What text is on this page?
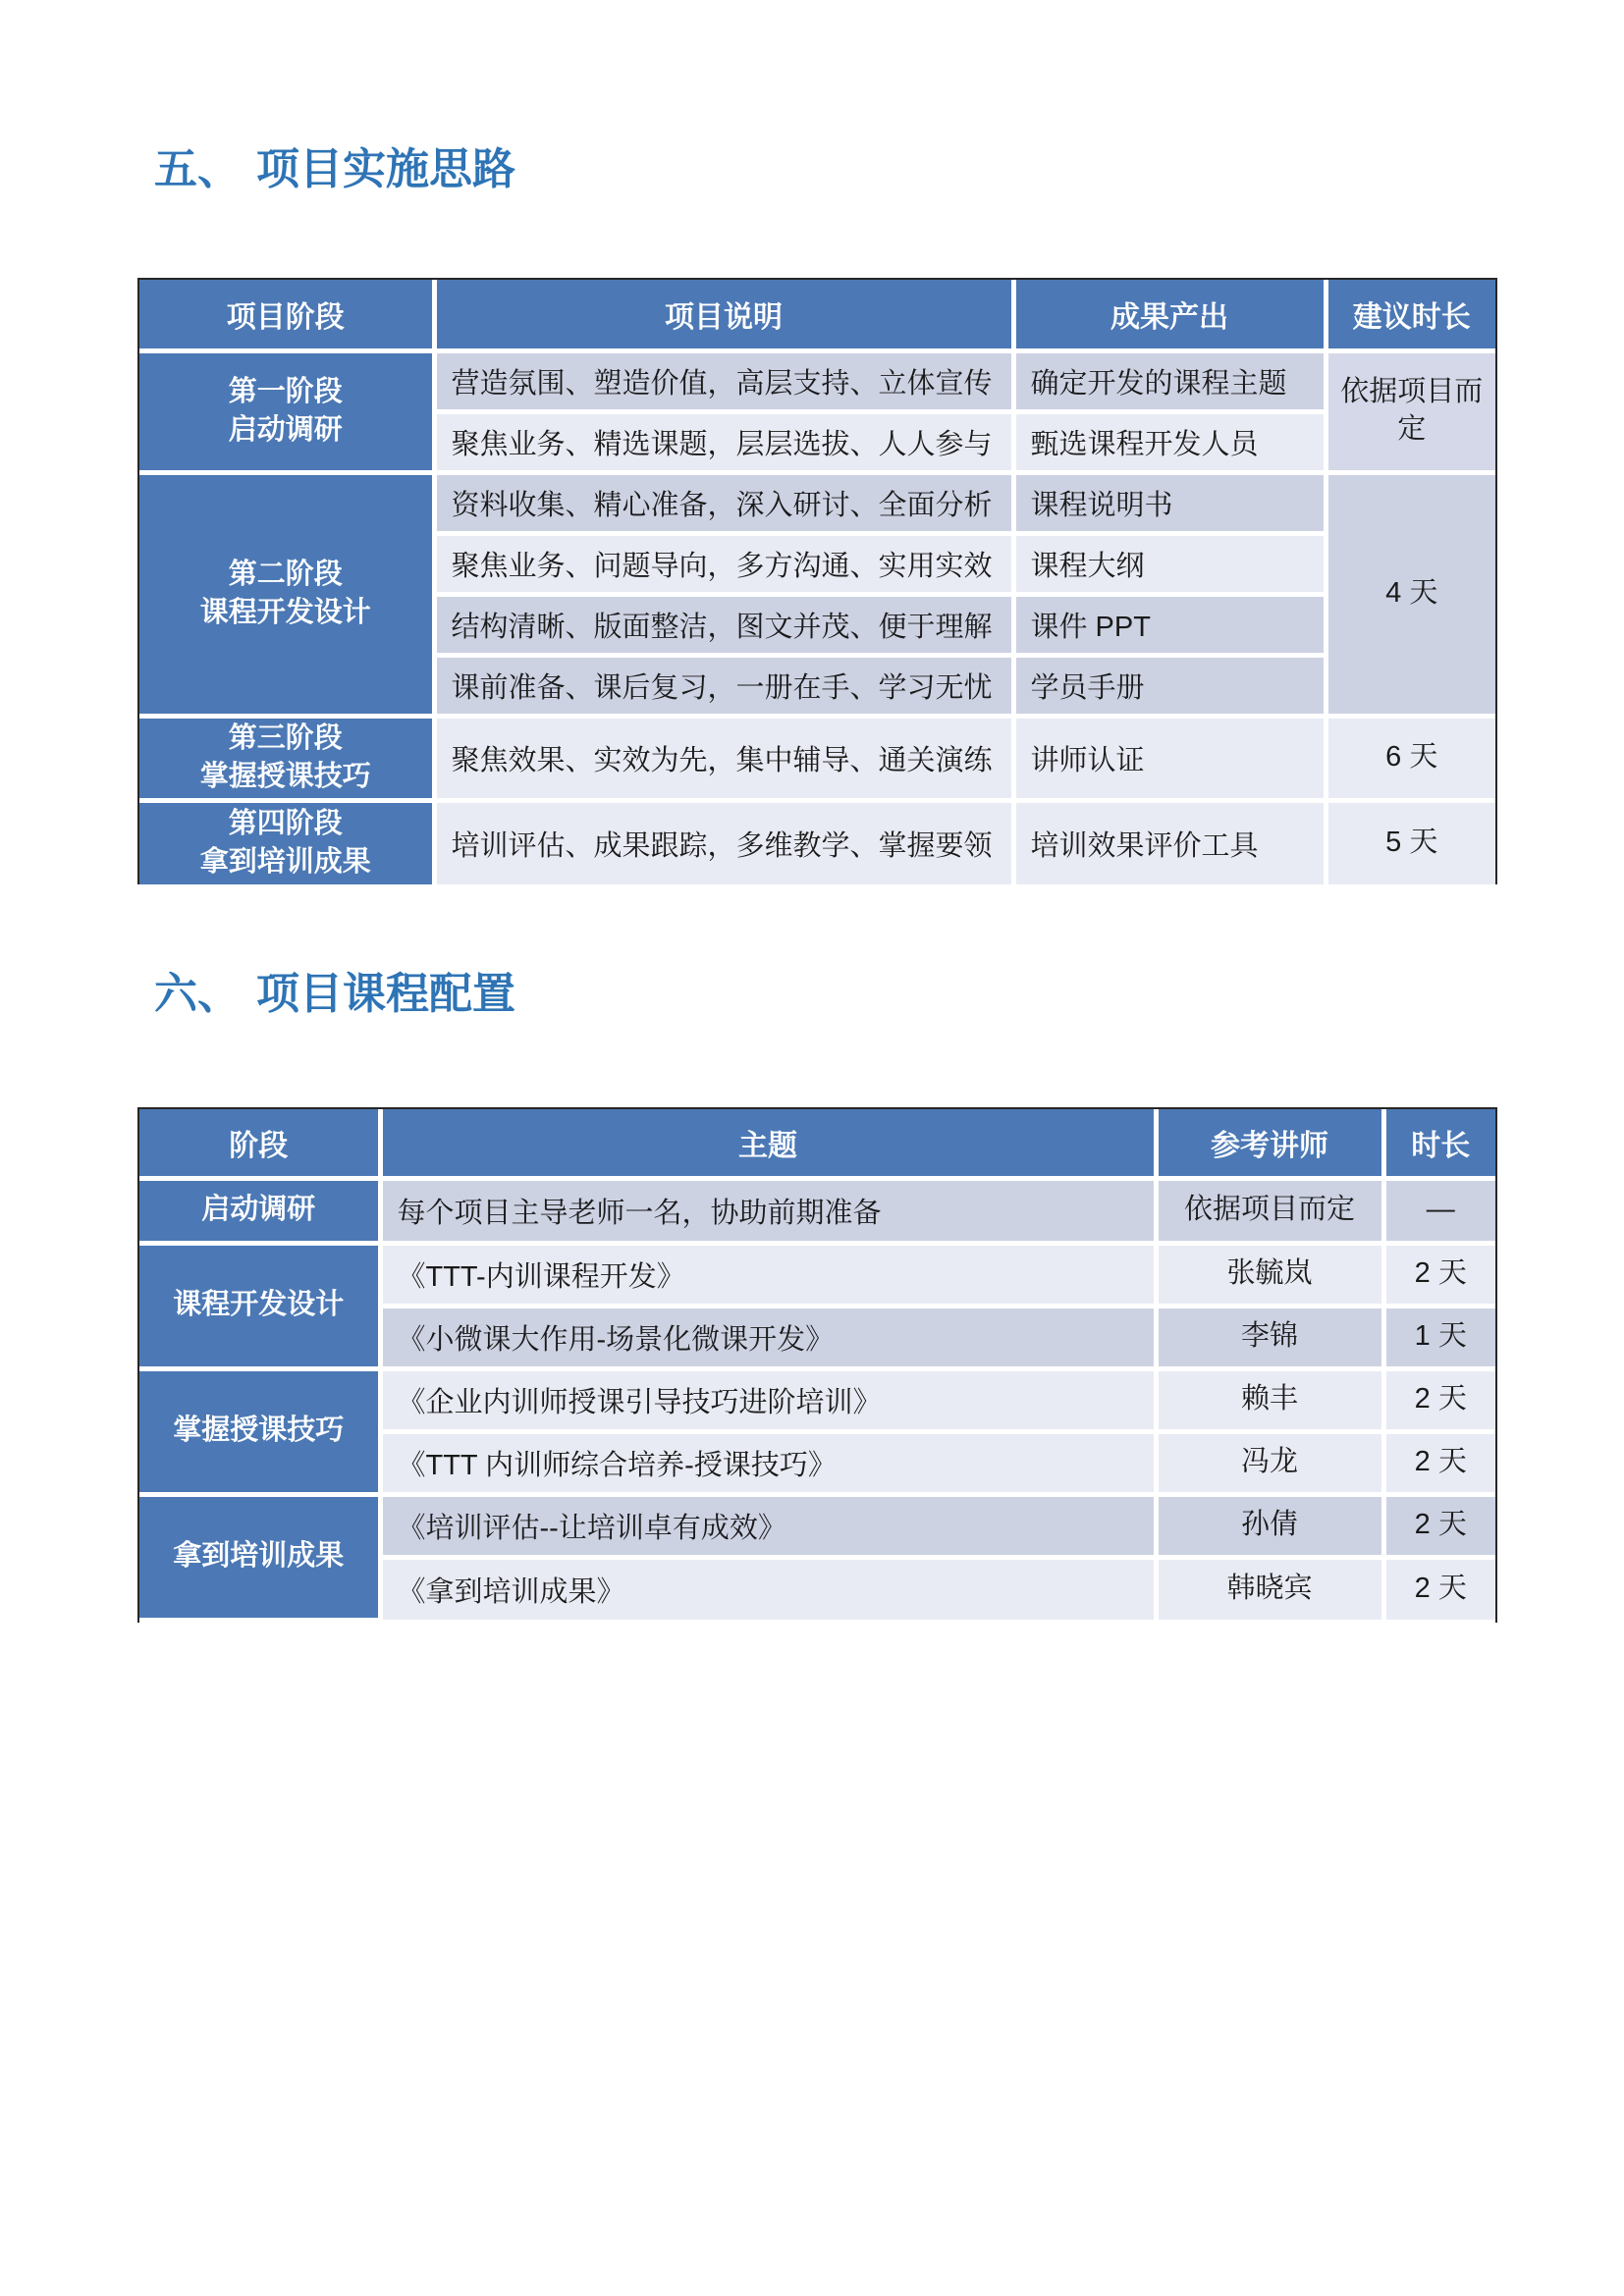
五、 项目实施思路
项目阶段	项目说明	成果产出	建议时长

第一阶段
启动调研	营造氛围、塑造价值，高层支持、立体宣传	确定开发的课程主题	依据项目而定
	聚焦业务、精选课题，层层选拔、人人参与	甄选课程开发人员	

第二阶段
课程开发设计	资料收集、精心准备，深入研讨、全面分析	课程说明书	4 天
	聚焦业务、问题导向，多方沟通、实用实效	课程大纲	
	结构清晰、版面整洁，图文并茂、便于理解	课件 PPT	
	课前准备、课后复习，一册在手、学习无忧	学员手册	

第三阶段
掌握授课技巧	聚焦效果、实效为先，集中辅导、通关演练	讲师认证	6 天

第四阶段
拿到培训成果	培训评估、成果跟踪，多维教学、掌握要领	培训效果评价工具	5 天
六、 项目课程配置
阶段	主题	参考讲师	时长
启动调研	每个项目主导老师一名，协助前期准备	依据项目而定	—
课程开发设计	《TTT-内训课程开发》	张毓岚	2 天
	《小微课大作用-场景化微课开发》	李锦	1 天
掌握授课技巧	《企业内训师授课引导技巧进阶培训》	赖丰	2 天
	《TTT 内训师综合培养-授课技巧》	冯龙	2 天
拿到培训成果	《培训评估--让培训卓有成效》	孙倩	2 天
	《拿到培训成果》	韩晓宾	2 天
